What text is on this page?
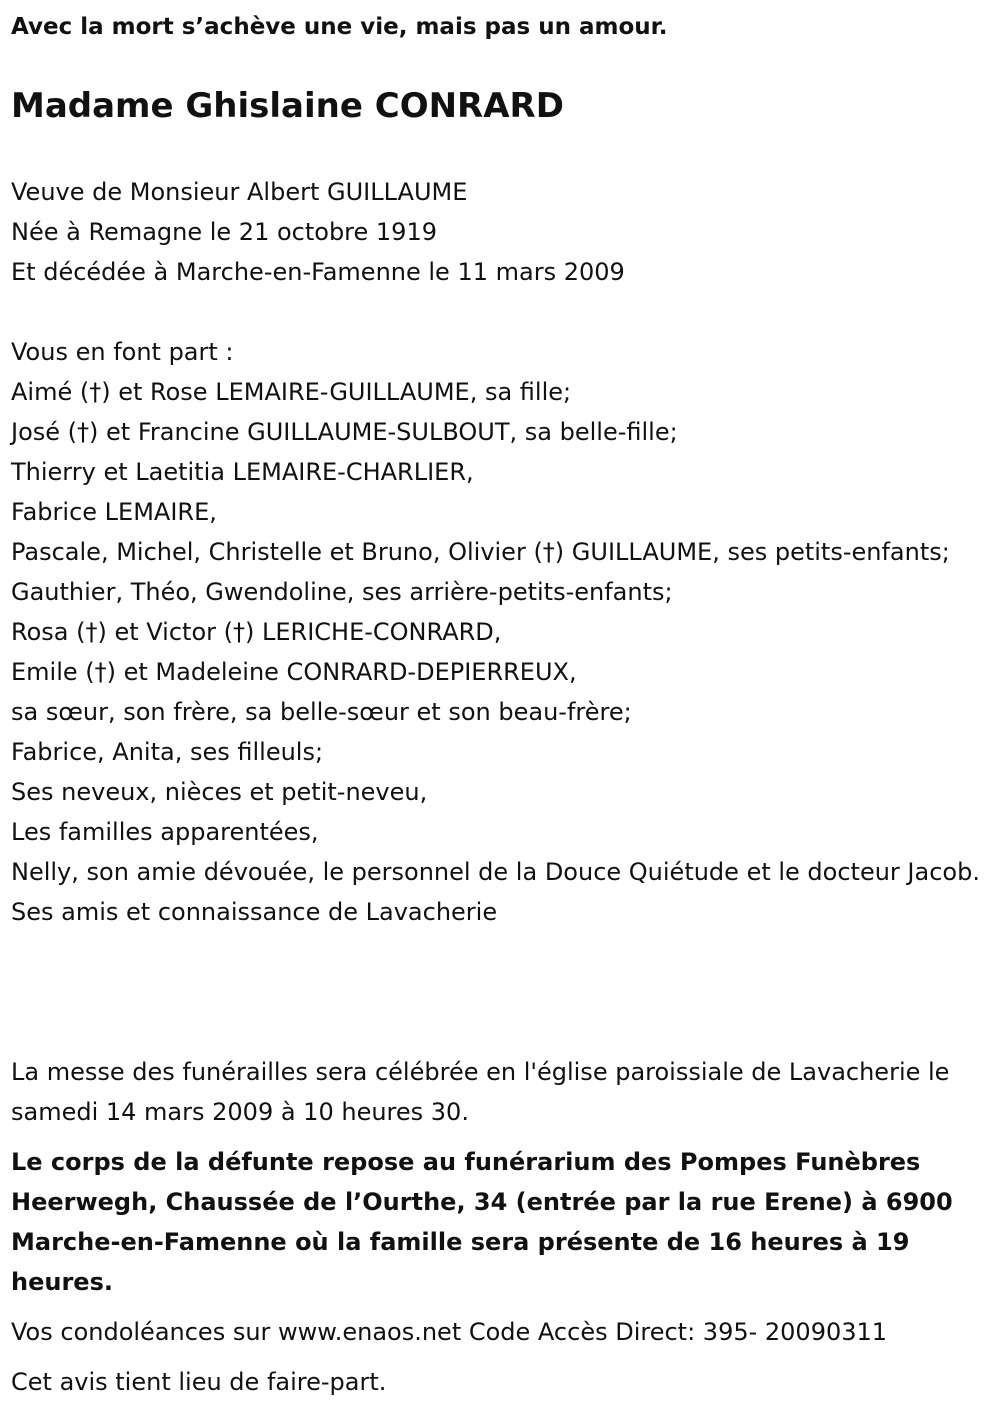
Avec la mort s’achève une vie, mais pas un amour.

Madame Ghislaine CONRARD
Veuve de Monsieur Albert GUILLAUME
Née à Remagne le 21 octobre 1919
Et décédée à Marche-en-Famenne le 11 mars 2009
Vous en font part :
Aimé (†) et Rose LEMAIRE-GUILLAUME, sa fille;
José (†) et Francine GUILLAUME-SULBOUT, sa belle-fille;
Thierry et Laetitia LEMAIRE-CHARLIER,
Fabrice LEMAIRE,
Pascale, Michel, Christelle et Bruno, Olivier (†) GUILLAUME, ses petits-enfants;
Gauthier, Théo, Gwendoline, ses arrière-petits-enfants;
Rosa (†) et Victor (†) LERICHE-CONRARD,
Emile (†) et Madeleine CONRARD-DEPIERREUX,
sa sœur, son frère, sa belle-sœur et son beau-frère;
Fabrice, Anita, ses filleuls;
Ses neveux, nièces et petit-neveu,
Les familles apparentées,
Nelly, son amie dévouée, le personnel de la Douce Quiétude et le docteur Jacob.
Ses amis et connaissance de Lavacherie

La messe des funérailles sera célébrée en l'église paroissiale de Lavacherie le samedi 14 mars 2009 à 10 heures 30.

Le corps de la défunte repose au funérarium des Pompes Funèbres Heerwegh, Chaussée de l’Ourthe, 34 (entrée par la rue Erene) à 6900 Marche-en-Famenne où la famille sera présente de 16 heures à 19 heures.

Vos condoléances sur www.enaos.net Code Accès Direct: 395- 20090311

Cet avis tient lieu de faire-part.
